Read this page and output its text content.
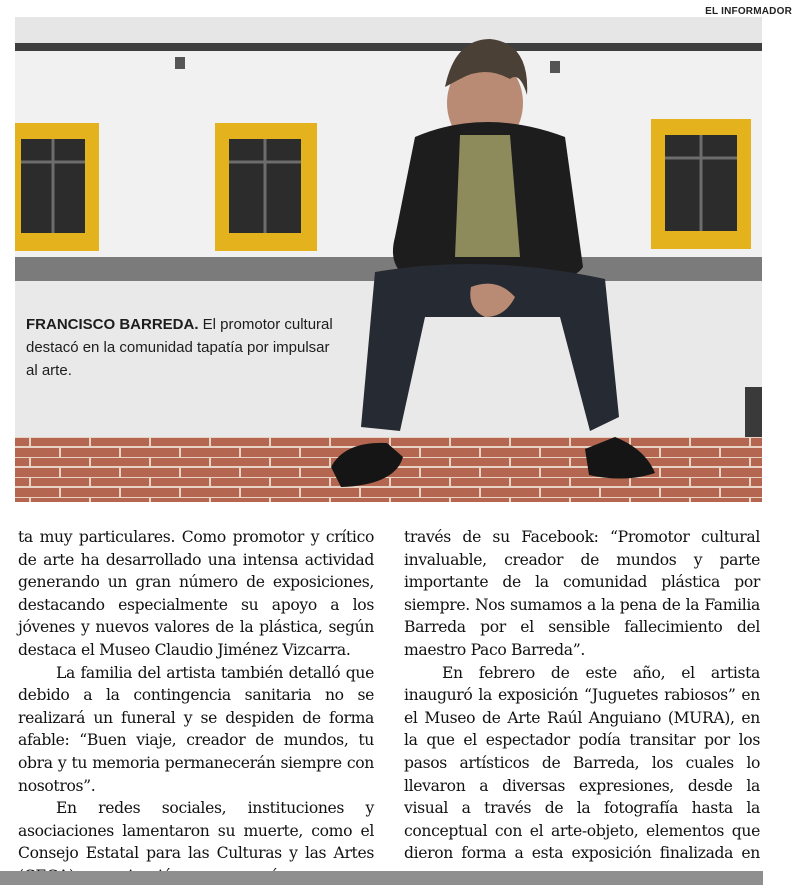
EL INFORMADOR
FRANCISCO BARREDA. El promotor cultural destacó en la comunidad tapatía por impulsar al arte.

ta muy particulares. Como promotor y crítico de arte ha desarrollado una intensa actividad generando un gran número de exposiciones, destacando especialmente su apoyo a los jóvenes y nuevos valores de la plástica, según destaca el Museo Claudio Jiménez Vizcarra.

La familia del artista también detalló que debido a la contingencia sanitaria no se realizará un funeral y se despiden de forma afable: “Buen viaje, creador de mundos, tu obra y tu memoria permanecerán siempre con nosotros”.

En redes sociales, instituciones y asociaciones lamentaron su muerte, como el Consejo Estatal para las Culturas y las Artes

través de su Facebook: “Promotor cultural invaluable, creador de mundos y parte importante de la comunidad plástica por siempre. Nos sumamos a la pena de la Familia Barreda por el sensible fallecimiento del maestro Paco Barreda”.

En febrero de este año, el artista inauguró la exposición “Juguetes rabiosos” en el Museo de Arte Raúl Anguiano (MURA), en la que el espectador podía transitar por los pasos artísticos de Barreda, los cuales lo llevaron a diversas expresiones, desde la visual a través de la fotografía hasta la conceptual con el arte-objeto, elementos que dieron forma a esta exposición finalizada en
